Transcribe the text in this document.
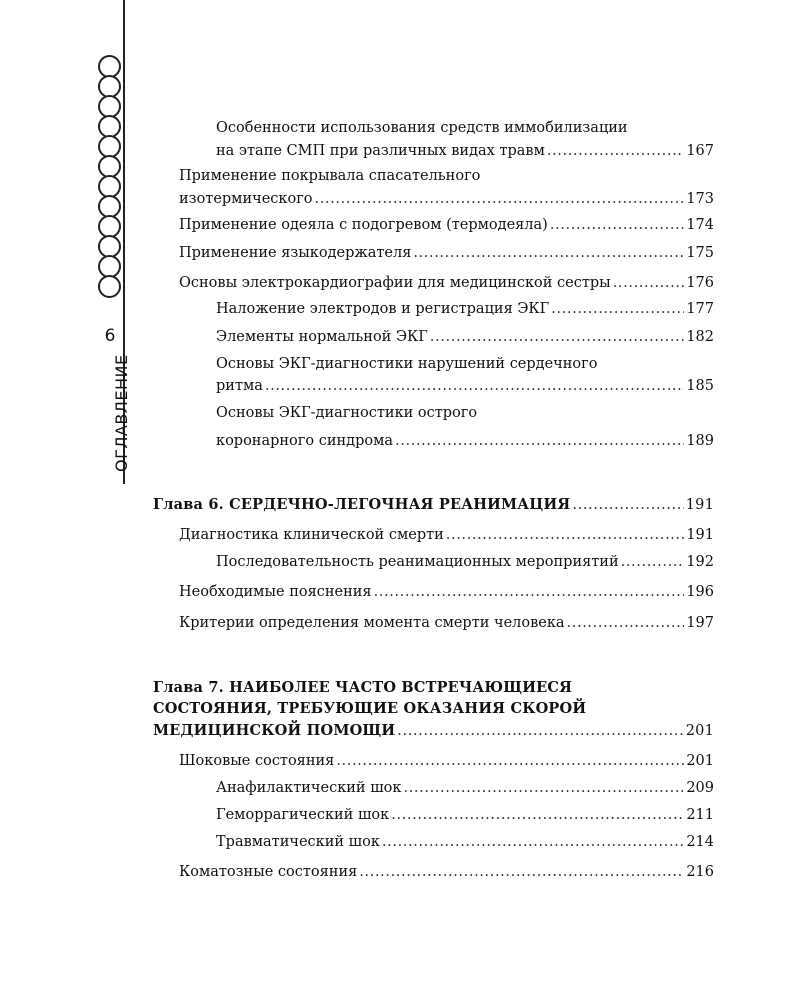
6
ОГЛАВЛЕНИЕ
Особенности использования средств иммобилизации
на этапе СМП при различных видах травм . . .	167
Применение покрывала спасательного
изотермического . . .	173
Применение одеяла с подогревом (термодеяла) . . .	174
Применение языкодержателя . . .	175
Основы электрокардиографии для медицинской сестры . . .	176
Наложение электродов и регистрация ЭКГ . . .	177
Элементы нормальной ЭКГ . . .	182
Основы ЭКГ-диагностики нарушений сердечного
ритма . . .	185
Основы ЭКГ-диагностики острого
коронарного синдрома . . .	189
Глава 6. СЕРДЕЧНО-ЛЕГОЧНАЯ РЕАНИМАЦИЯ . . .	191
Диагностика клинической смерти . . .	191
Последовательность реанимационных мероприятий . . .	192
Необходимые пояснения . . .	196
Критерии определения момента смерти человека . . .	197
Глава 7. НАИБОЛЕЕ ЧАСТО ВСТРЕЧАЮЩИЕСЯ
СОСТОЯНИЯ, ТРЕБУЮЩИЕ ОКАЗАНИЯ СКОРОЙ
МЕДИЦИНСКОЙ ПОМОЩИ . . .	201
Шоковые состояния . . .	201
Анафилактический шок . . .	209
Геморрагический шок . . .	211
Травматический шок . . .	214
Коматозные состояния . . .	216
